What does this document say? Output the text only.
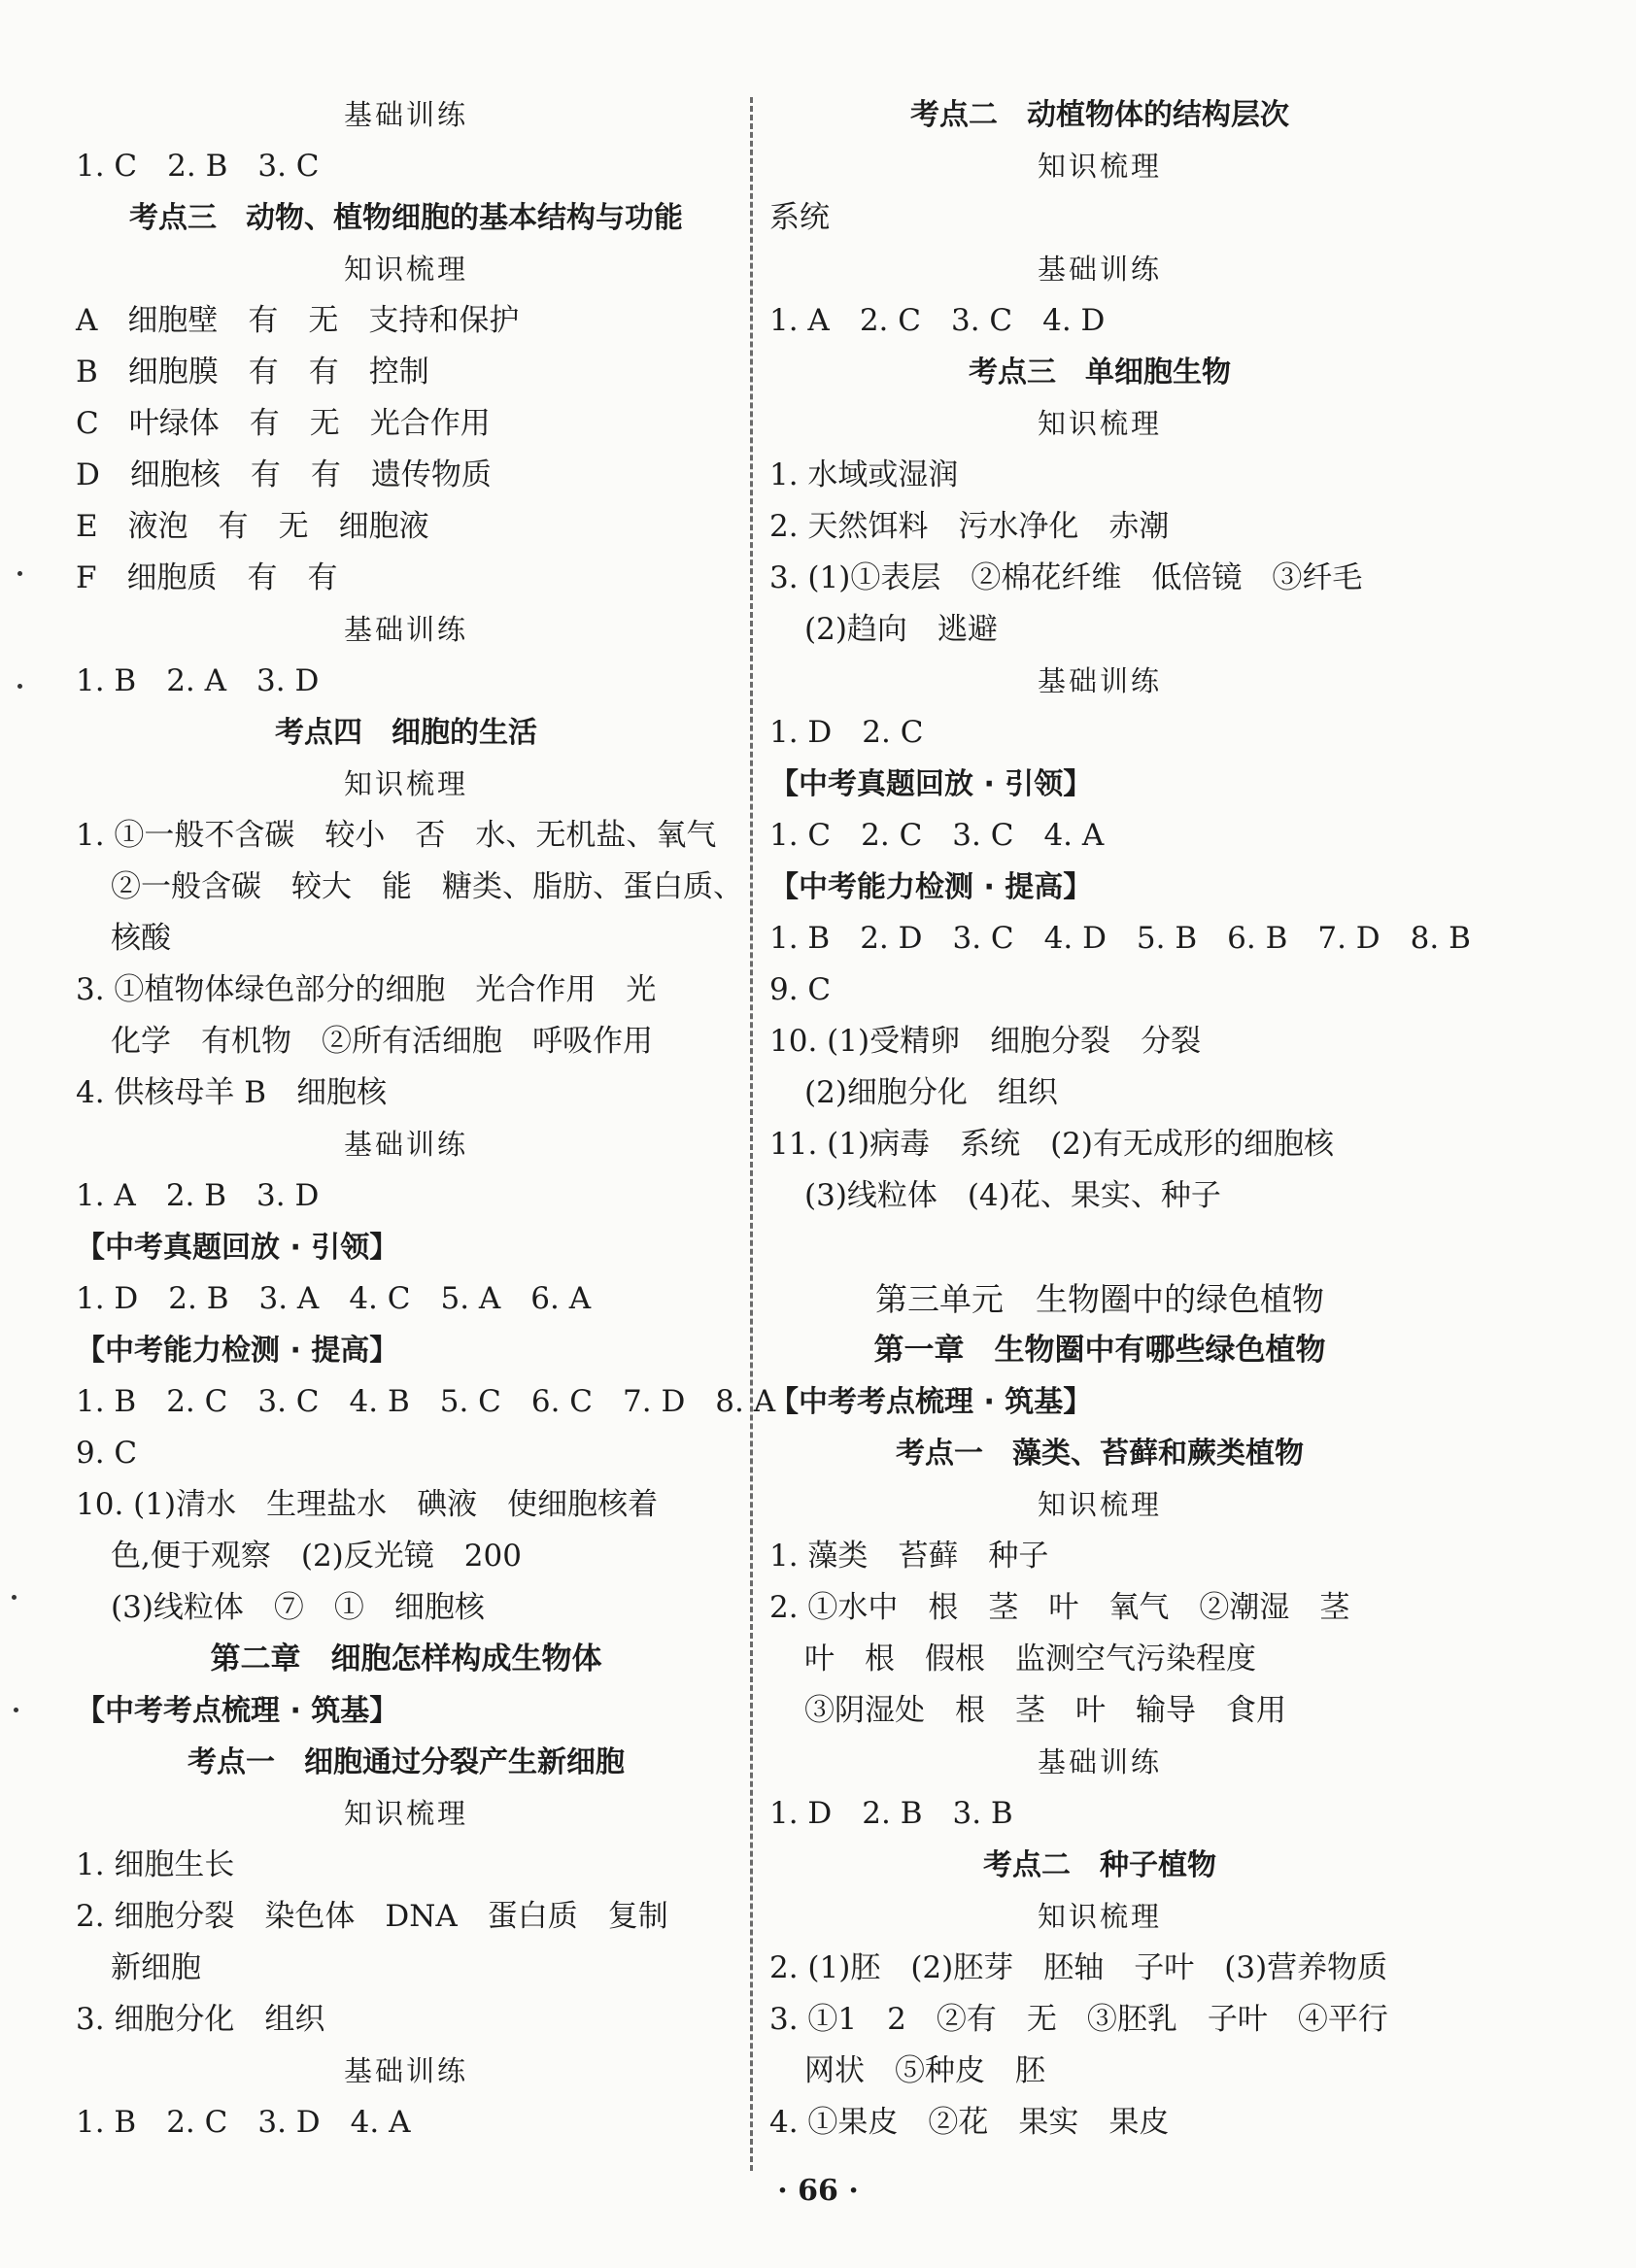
基础训练
1. C　2. B　3. C
考点三　动物、植物细胞的基本结构与功能
知识梳理
A　细胞壁　有　无　支持和保护
B　细胞膜　有　有　控制
C　叶绿体　有　无　光合作用
D　细胞核　有　有　遗传物质
E　液泡　有　无　细胞液
F　细胞质　有　有
基础训练
1. B　2. A　3. D
考点四　细胞的生活
知识梳理
1. ①一般不含碳　较小　否　水、无机盐、氧气
②一般含碳　较大　能　糖类、脂肪、蛋白质、
核酸
3. ①植物体绿色部分的细胞　光合作用　光
化学　有机物　②所有活细胞　呼吸作用
4. 供核母羊 B　细胞核
基础训练
1. A　2. B　3. D
【中考真题回放 · 引领】
1. D　2. B　3. A　4. C　5. A　6. A
【中考能力检测 · 提高】
1. B　2. C　3. C　4. B　5. C　6. C　7. D　8. A
9. C
10. (1)清水　生理盐水　碘液　使细胞核着
色,便于观察　(2)反光镜　200
(3)线粒体　⑦　①　细胞核
第二章　细胞怎样构成生物体
【中考考点梳理 · 筑基】
考点一　细胞通过分裂产生新细胞
知识梳理
1. 细胞生长
2. 细胞分裂　染色体　DNA　蛋白质　复制
新细胞
3. 细胞分化　组织
基础训练
1. B　2. C　3. D　4. A
考点二　动植物体的结构层次
知识梳理
系统
基础训练
1. A　2. C　3. C　4. D
考点三　单细胞生物
知识梳理
1. 水域或湿润
2. 天然饵料　污水净化　赤潮
3. (1)①表层　②棉花纤维　低倍镜　③纤毛
(2)趋向　逃避
基础训练
1. D　2. C
【中考真题回放 · 引领】
1. C　2. C　3. C　4. A
【中考能力检测 · 提高】
1. B　2. D　3. C　4. D　5. B　6. B　7. D　8. B
9. C
10. (1)受精卵　细胞分裂　分裂
(2)细胞分化　组织
11. (1)病毒　系统　(2)有无成形的细胞核
(3)线粒体　(4)花、果实、种子
第三单元　生物圈中的绿色植物
第一章　生物圈中有哪些绿色植物
【中考考点梳理 · 筑基】
考点一　藻类、苔藓和蕨类植物
知识梳理
1. 藻类　苔藓　种子
2. ①水中　根　茎　叶　氧气　②潮湿　茎
叶　根　假根　监测空气污染程度
③阴湿处　根　茎　叶　输导　食用
基础训练
1. D　2. B　3. B
考点二　种子植物
知识梳理
2. (1)胚　(2)胚芽　胚轴　子叶　(3)营养物质
3. ①1　2　②有　无　③胚乳　子叶　④平行
网状　⑤种皮　胚
4. ①果皮　②花　果实　果皮
· 66 ·
